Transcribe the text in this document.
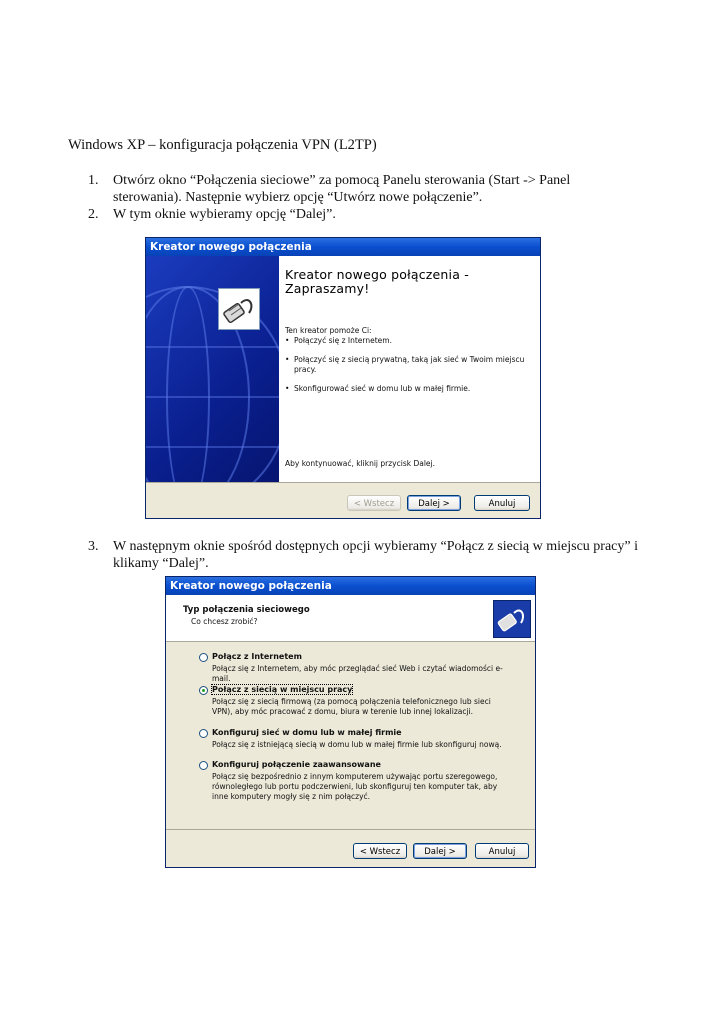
Windows XP – konfiguracja połączenia VPN (L2TP)
1. Otwórz okno “Połączenia sieciowe” za pomocą Panelu sterowania (Start -> Panel sterowania). Następnie wybierz opcję “Utwórz nowe połączenie”.
2. W tym oknie wybieramy opcję “Dalej”.
Kreator nowego połączenia
Kreator nowego połączenia -
Zapraszamy!
Ten kreator pomoże Ci:
• Połączyć się z Internetem.
• Połączyć się z siecią prywatną, taką jak sieć w Twoim miejscu pracy.
• Skonfigurować sieć w domu lub w małej firmie.
Aby kontynuować, kliknij przycisk Dalej.
< Wstecz	Dalej >	Anuluj
3. W następnym oknie spośród dostępnych opcji wybieramy “Połącz z siecią w miejscu pracy” i klikamy “Dalej”.
Kreator nowego połączenia
Typ połączenia sieciowego
Co chcesz zrobić?
Połącz z Internetem
Połącz się z Internetem, aby móc przeglądać sieć Web i czytać wiadomości e-mail.
Połącz z siecią w miejscu pracy
Połącz się z siecią firmową (za pomocą połączenia telefonicznego lub sieci VPN), aby móc pracować z domu, biura w terenie lub innej lokalizacji.
Konfiguruj sieć w domu lub w małej firmie
Połącz się z istniejącą siecią w domu lub w małej firmie lub skonfiguruj nową.
Konfiguruj połączenie zaawansowane
Połącz się bezpośrednio z innym komputerem używając portu szeregowego, równoległego lub portu podczerwieni, lub skonfiguruj ten komputer tak, aby inne komputery mogły się z nim połączyć.
< Wstecz	Dalej >	Anuluj
